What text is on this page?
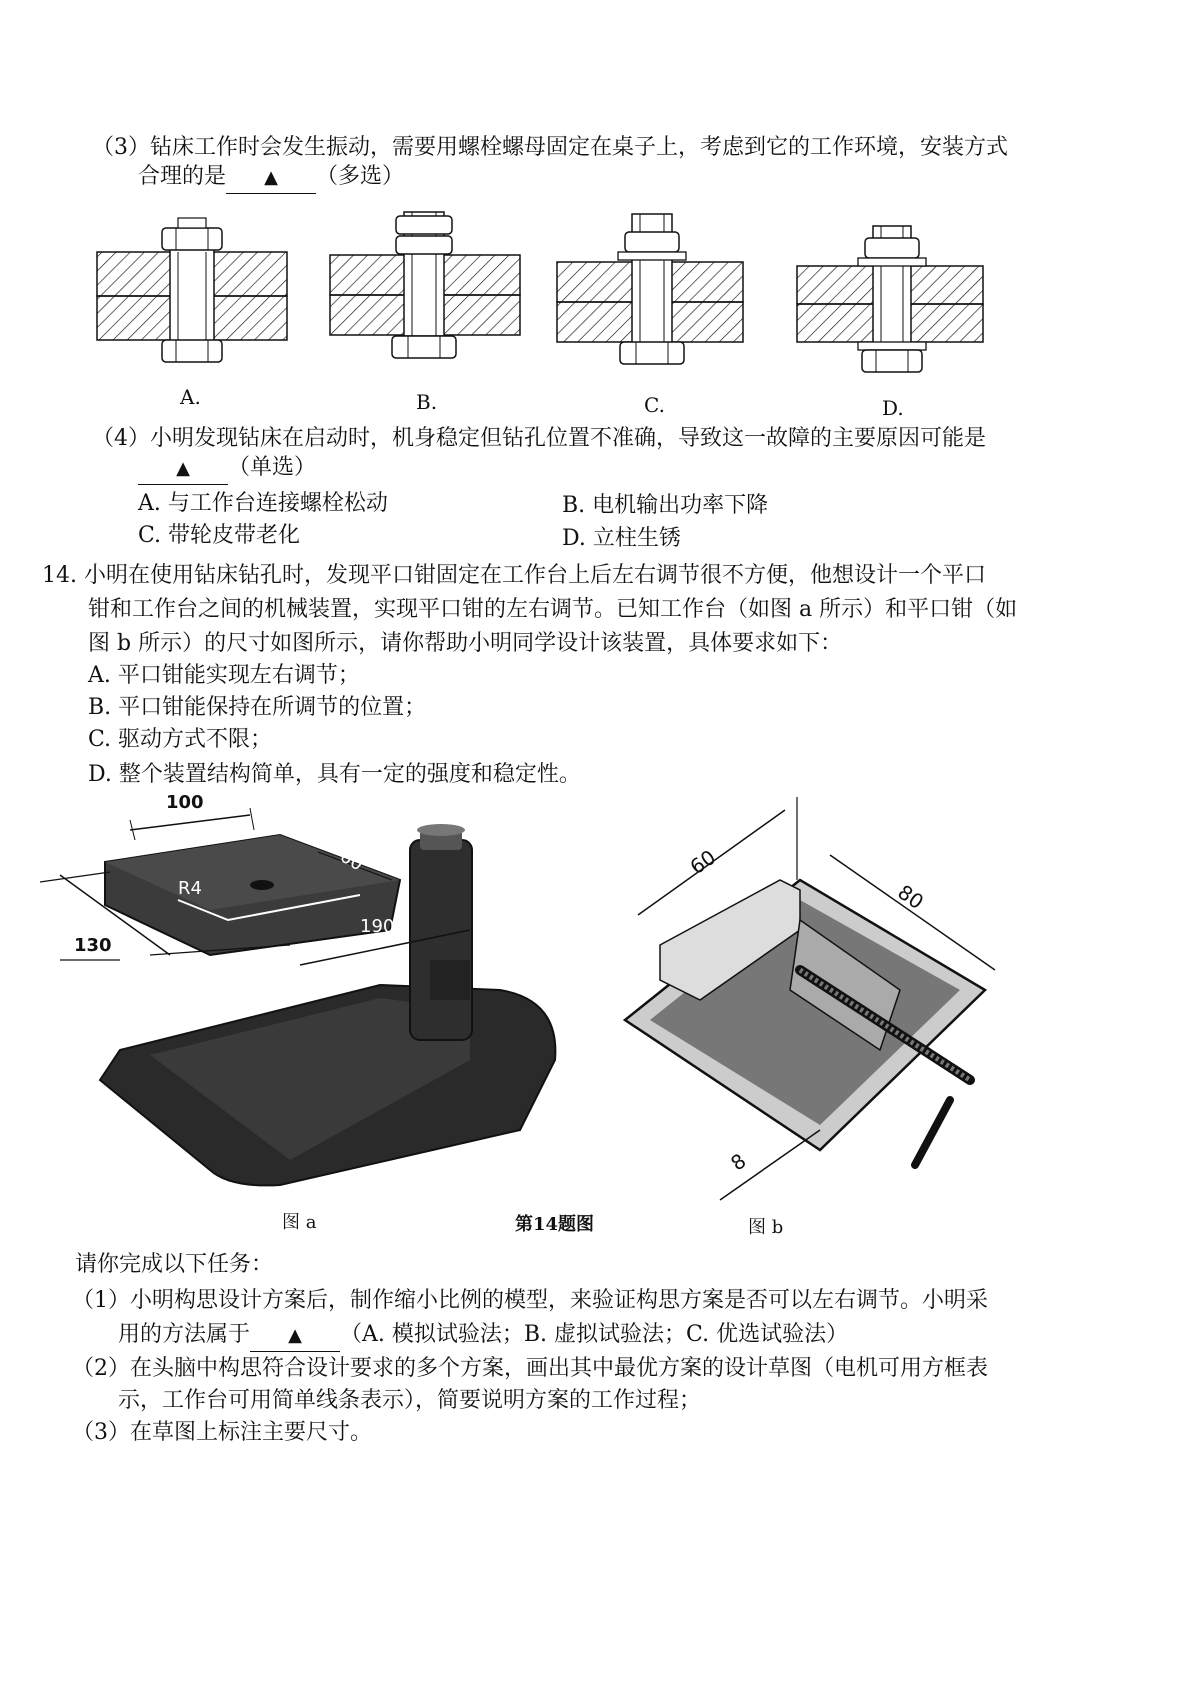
（3）钻床工作时会发生振动，需要用螺栓螺母固定在桌子上，考虑到它的工作环境，安装方式
合理的是 ▲ （多选）
A.	B.	C.	D.
（4）小明发现钻床在启动时，机身稳定但钻孔位置不准确，导致这一故障的主要原因可能是
▲ （单选）
A. 与工作台连接螺栓松动	B. 电机输出功率下降
C. 带轮皮带老化	D. 立柱生锈
14. 小明在使用钻床钻孔时，发现平口钳固定在工作台上后左右调节很不方便，他想设计一个平口
钳和工作台之间的机械装置，实现平口钳的左右调节。已知工作台（如图 a 所示）和平口钳（如
图 b 所示）的尺寸如图所示，请你帮助小明同学设计该装置，具体要求如下：
A. 平口钳能实现左右调节；
B. 平口钳能保持在所调节的位置；
C. 驱动方式不限；
D. 整个装置结构简单，具有一定的强度和稳定性。
100
60
R4
190
130
60
80
8
图 a	第14题图	图 b
请你完成以下任务：
（1）小明构思设计方案后，制作缩小比例的模型，来验证构思方案是否可以左右调节。小明采
用的方法属于 ▲ （A. 模拟试验法；B. 虚拟试验法；C. 优选试验法）
（2）在头脑中构思符合设计要求的多个方案，画出其中最优方案的设计草图（电机可用方框表
示，工作台可用简单线条表示），简要说明方案的工作过程；
（3）在草图上标注主要尺寸。
